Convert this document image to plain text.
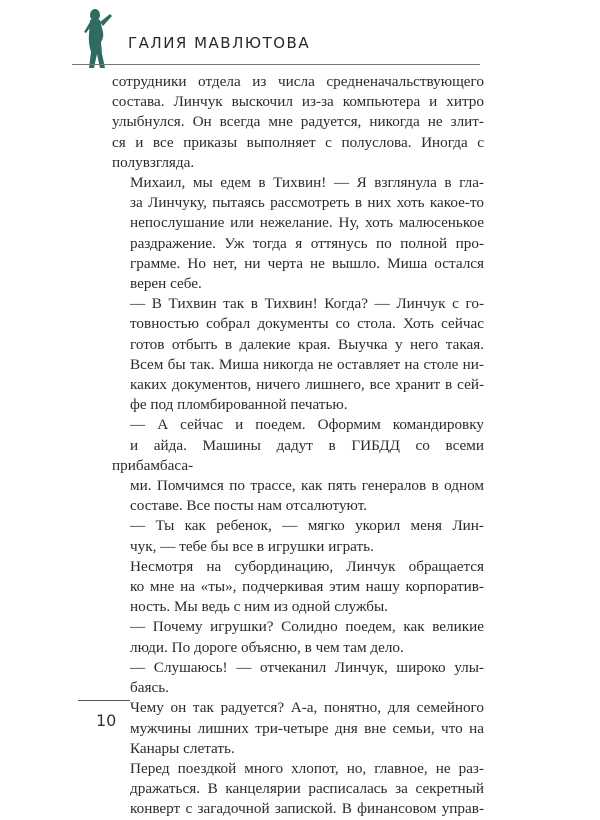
ГАЛИЯ МАВЛЮТОВА

сотрудники отдела из числа средненачальствующего
состава. Линчук выскочил из-за компьютера и хитро
улыбнулся. Он всегда мне радуется, никогда не злит-
ся и все приказы выполняет с полуслова. Иногда с
полувзгляда.

Михаил, мы едем в Тихвин! — Я взглянула в гла-
за Линчуку, пытаясь рассмотреть в них хоть какое-то
непослушание или нежелание. Ну, хоть малюсенькое
раздражение. Уж тогда я оттянусь по полной про-
грамме. Но нет, ни черта не вышло. Миша остался
верен себе.

— В Тихвин так в Тихвин! Когда? — Линчук с го-
товностью собрал документы со стола. Хоть сейчас
готов отбыть в далекие края. Выучка у него такая.
Всем бы так. Миша никогда не оставляет на столе ни-
каких документов, ничего лишнего, все хранит в сей-
фе под пломбированной печатью.

— А сейчас и поедем. Оформим командировку
и айда. Машины дадут в ГИБДД со всеми прибамбаса-
ми. Помчимся по трассе, как пять генералов в одном
составе. Все посты нам отсалютуют.

— Ты как ребенок, — мягко укорил меня Лин-
чук, — тебе бы все в игрушки играть.

Несмотря на субординацию, Линчук обращается
ко мне на «ты», подчеркивая этим нашу корпоратив-
ность. Мы ведь с ним из одной службы.

— Почему игрушки? Солидно поедем, как великие
люди. По дороге объясню, в чем там дело.

— Слушаюсь! — отчеканил Линчук, широко улы-
баясь.

Чему он так радуется? А-а, понятно, для семейного
мужчины лишних три-четыре дня вне семьи, что на
Канары слетать.

Перед поездкой много хлопот, но, главное, не раз-
дражаться. В канцелярии расписалась за секретный
конверт с загадочной запиской. В финансовом управ-

10
